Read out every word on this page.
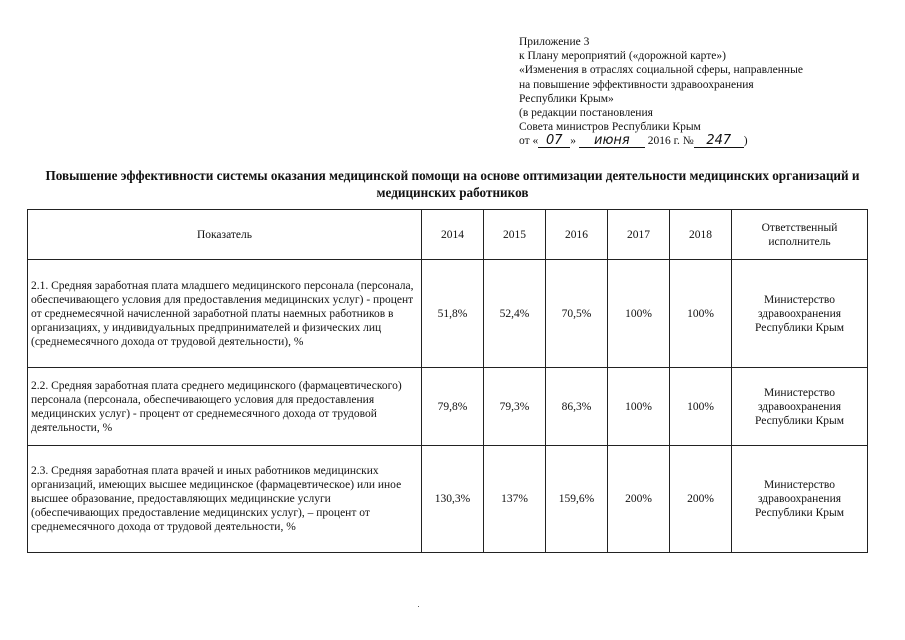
Приложение 3
к Плану мероприятий («дорожной карте»)
«Изменения в отраслях социальной сферы, направленные
на повышение эффективности здравоохранения
Республики Крым»
(в редакции постановления
Совета министров Республики Крым
от « 07 » июня 2016 г. № 247 )
Повышение эффективности системы оказания медицинской помощи на основе оптимизации деятельности медицинских организаций и медицинских работников
Показатель	2014	2015	2016	2017	2018	Ответственный исполнитель
2.1. Средняя заработная плата младшего медицинского персонала (персонала, обеспечивающего условия для предоставления медицинских услуг) - процент от среднемесячной начисленной заработной платы наемных работников в организациях, у индивидуальных предпринимателей и физических лиц (среднемесячного дохода от трудовой деятельности), %	51,8%	52,4%	70,5%	100%	100%	Министерство здравоохранения Республики Крым
2.2. Средняя заработная плата среднего медицинского (фармацевтического) персонала (персонала, обеспечивающего условия для предоставления медицинских услуг) - процент от среднемесячного дохода от трудовой деятельности, %	79,8%	79,3%	86,3%	100%	100%	Министерство здравоохранения Республики Крым
2.3. Средняя заработная плата врачей и иных работников медицинских организаций, имеющих высшее медицинское (фармацевтическое) или иное высшее образование, предоставляющих медицинские услуги (обеспечивающих предоставление медицинских услуг), – процент от среднемесячного дохода от трудовой деятельности, %	130,3%	137%	159,6%	200%	200%	Министерство здравоохранения Республики Крым
